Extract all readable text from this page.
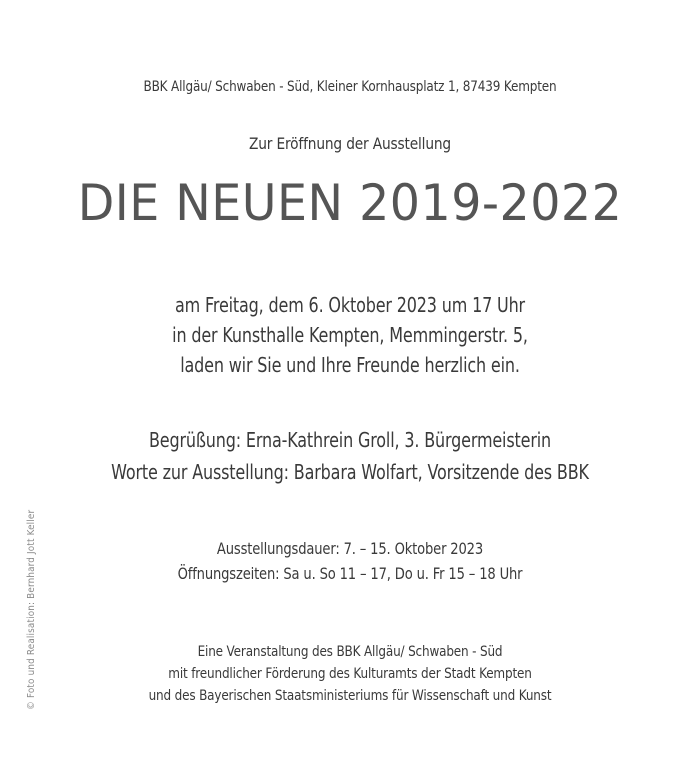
BBK Allgäu/ Schwaben - Süd, Kleiner Kornhausplatz 1, 87439 Kempten
Zur Eröffnung der Ausstellung
DIE NEUEN 2019-2022
am Freitag, dem 6. Oktober 2023 um 17 Uhr
in der Kunsthalle Kempten, Memmingerstr. 5,
laden wir Sie und Ihre Freunde herzlich ein.
Begrüßung: Erna-Kathrein Groll, 3. Bürgermeisterin
Worte zur Ausstellung: Barbara Wolfart, Vorsitzende des BBK
Ausstellungsdauer: 7. – 15. Oktober 2023
Öffnungszeiten: Sa u. So 11 – 17, Do u. Fr 15 – 18 Uhr
Eine Veranstaltung des BBK Allgäu/ Schwaben - Süd
mit freundlicher Förderung des Kulturamts der Stadt Kempten
und des Bayerischen Staatsministeriums für Wissenschaft und Kunst
© Foto und Realisation: Bernhard Jott Keller
